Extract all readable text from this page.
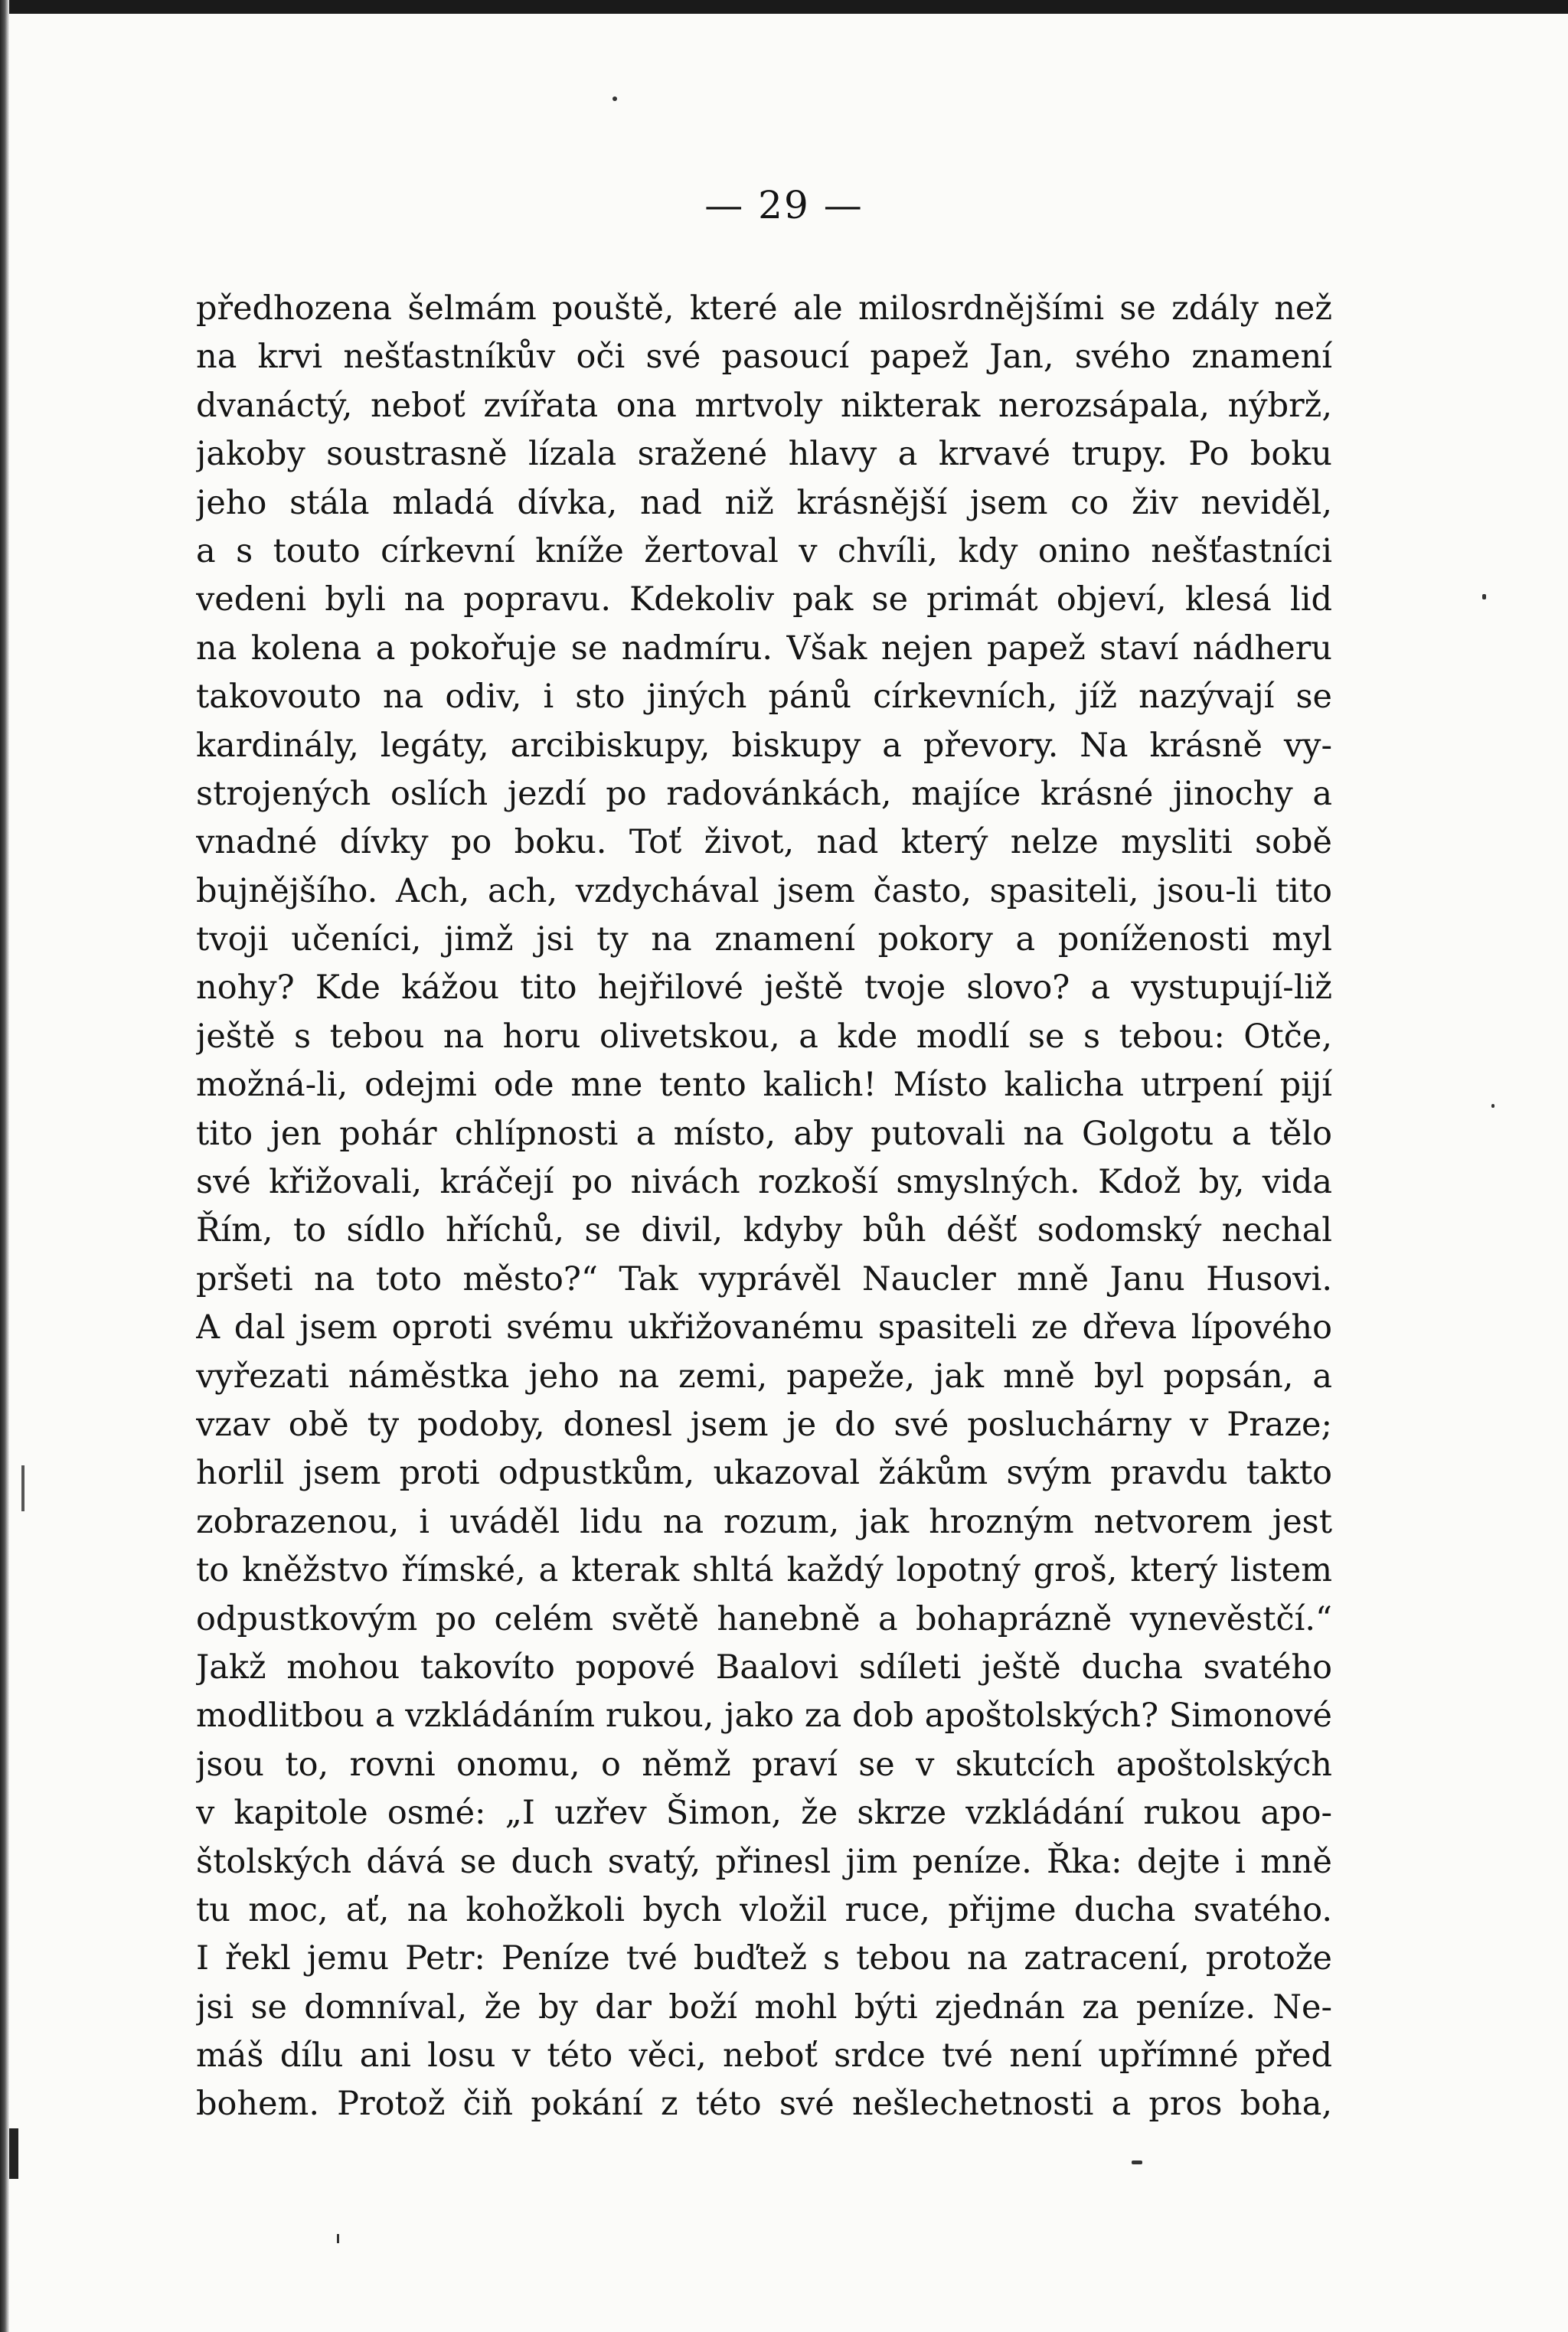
— 29 —
předhozena šelmám pouště, které ale milosrdnějšími se zdály než
na krvi nešťastníkův oči své pasoucí papež Jan, svého znamení
dvanáctý, neboť zvířata ona mrtvoly nikterak nerozsápala, nýbrž,
jakoby soustrasně lízala sražené hlavy a krvavé trupy. Po boku
jeho stála mladá dívka, nad niž krásnější jsem co živ neviděl,
a s touto církevní kníže žertoval v chvíli, kdy onino nešťastníci
vedeni byli na popravu. Kdekoliv pak se primát objeví, klesá lid
na kolena a pokořuje se nadmíru. Však nejen papež staví nádheru
takovouto na odiv, i sto jiných pánů církevních, jíž nazývají se
kardinály, legáty, arcibiskupy, biskupy a převory. Na krásně vy-
strojených oslích jezdí po radovánkách, majíce krásné jinochy a
vnadné dívky po boku. Toť život, nad který nelze mysliti sobě
bujnějšího. Ach, ach, vzdychával jsem často, spasiteli, jsou-li tito
tvoji učeníci, jimž jsi ty na znamení pokory a poníženosti myl
nohy? Kde kážou tito hejřilové ještě tvoje slovo? a vystupují-liž
ještě s tebou na horu olivetskou, a kde modlí se s tebou: Otče,
možná-li, odejmi ode mne tento kalich! Místo kalicha utrpení pijí
tito jen pohár chlípnosti a místo, aby putovali na Golgotu a tělo
své křižovali, kráčejí po nivách rozkoší smyslných. Kdož by, vida
Řím, to sídlo hříchů, se divil, kdyby bůh déšť sodomský nechal
pršeti na toto město?“ Tak vyprávěl Naucler mně Janu Husovi.
A dal jsem oproti svému ukřižovanému spasiteli ze dřeva lípového
vyřezati náměstka jeho na zemi, papeže, jak mně byl popsán, a
vzav obě ty podoby, donesl jsem je do své posluchárny v Praze;
horlil jsem proti odpustkům, ukazoval žákům svým pravdu takto
zobrazenou, i uváděl lidu na rozum, jak hrozným netvorem jest
to kněžstvo římské, a kterak shltá každý lopotný groš, který listem
odpustkovým po celém světě hanebně a bohaprázně vynevěstčí.“
Jakž mohou takovíto popové Baalovi sdíleti ještě ducha svatého
modlitbou a vzkládáním rukou, jako za dob apoštolských? Simonové
jsou to, rovni onomu, o němž praví se v skutcích apoštolských
v kapitole osmé: „I uzřev Šimon, že skrze vzkládání rukou apo-
štolských dává se duch svatý, přinesl jim peníze. Řka: dejte i mně
tu moc, ať, na kohožkoli bych vložil ruce, přijme ducha svatého.
I řekl jemu Petr: Peníze tvé buďtež s tebou na zatracení, protože
jsi se domníval, že by dar boží mohl býti zjednán za peníze. Ne-
máš dílu ani losu v této věci, neboť srdce tvé není upřímné před
bohem. Protož čiň pokání z této své nešlechetnosti a pros boha,
